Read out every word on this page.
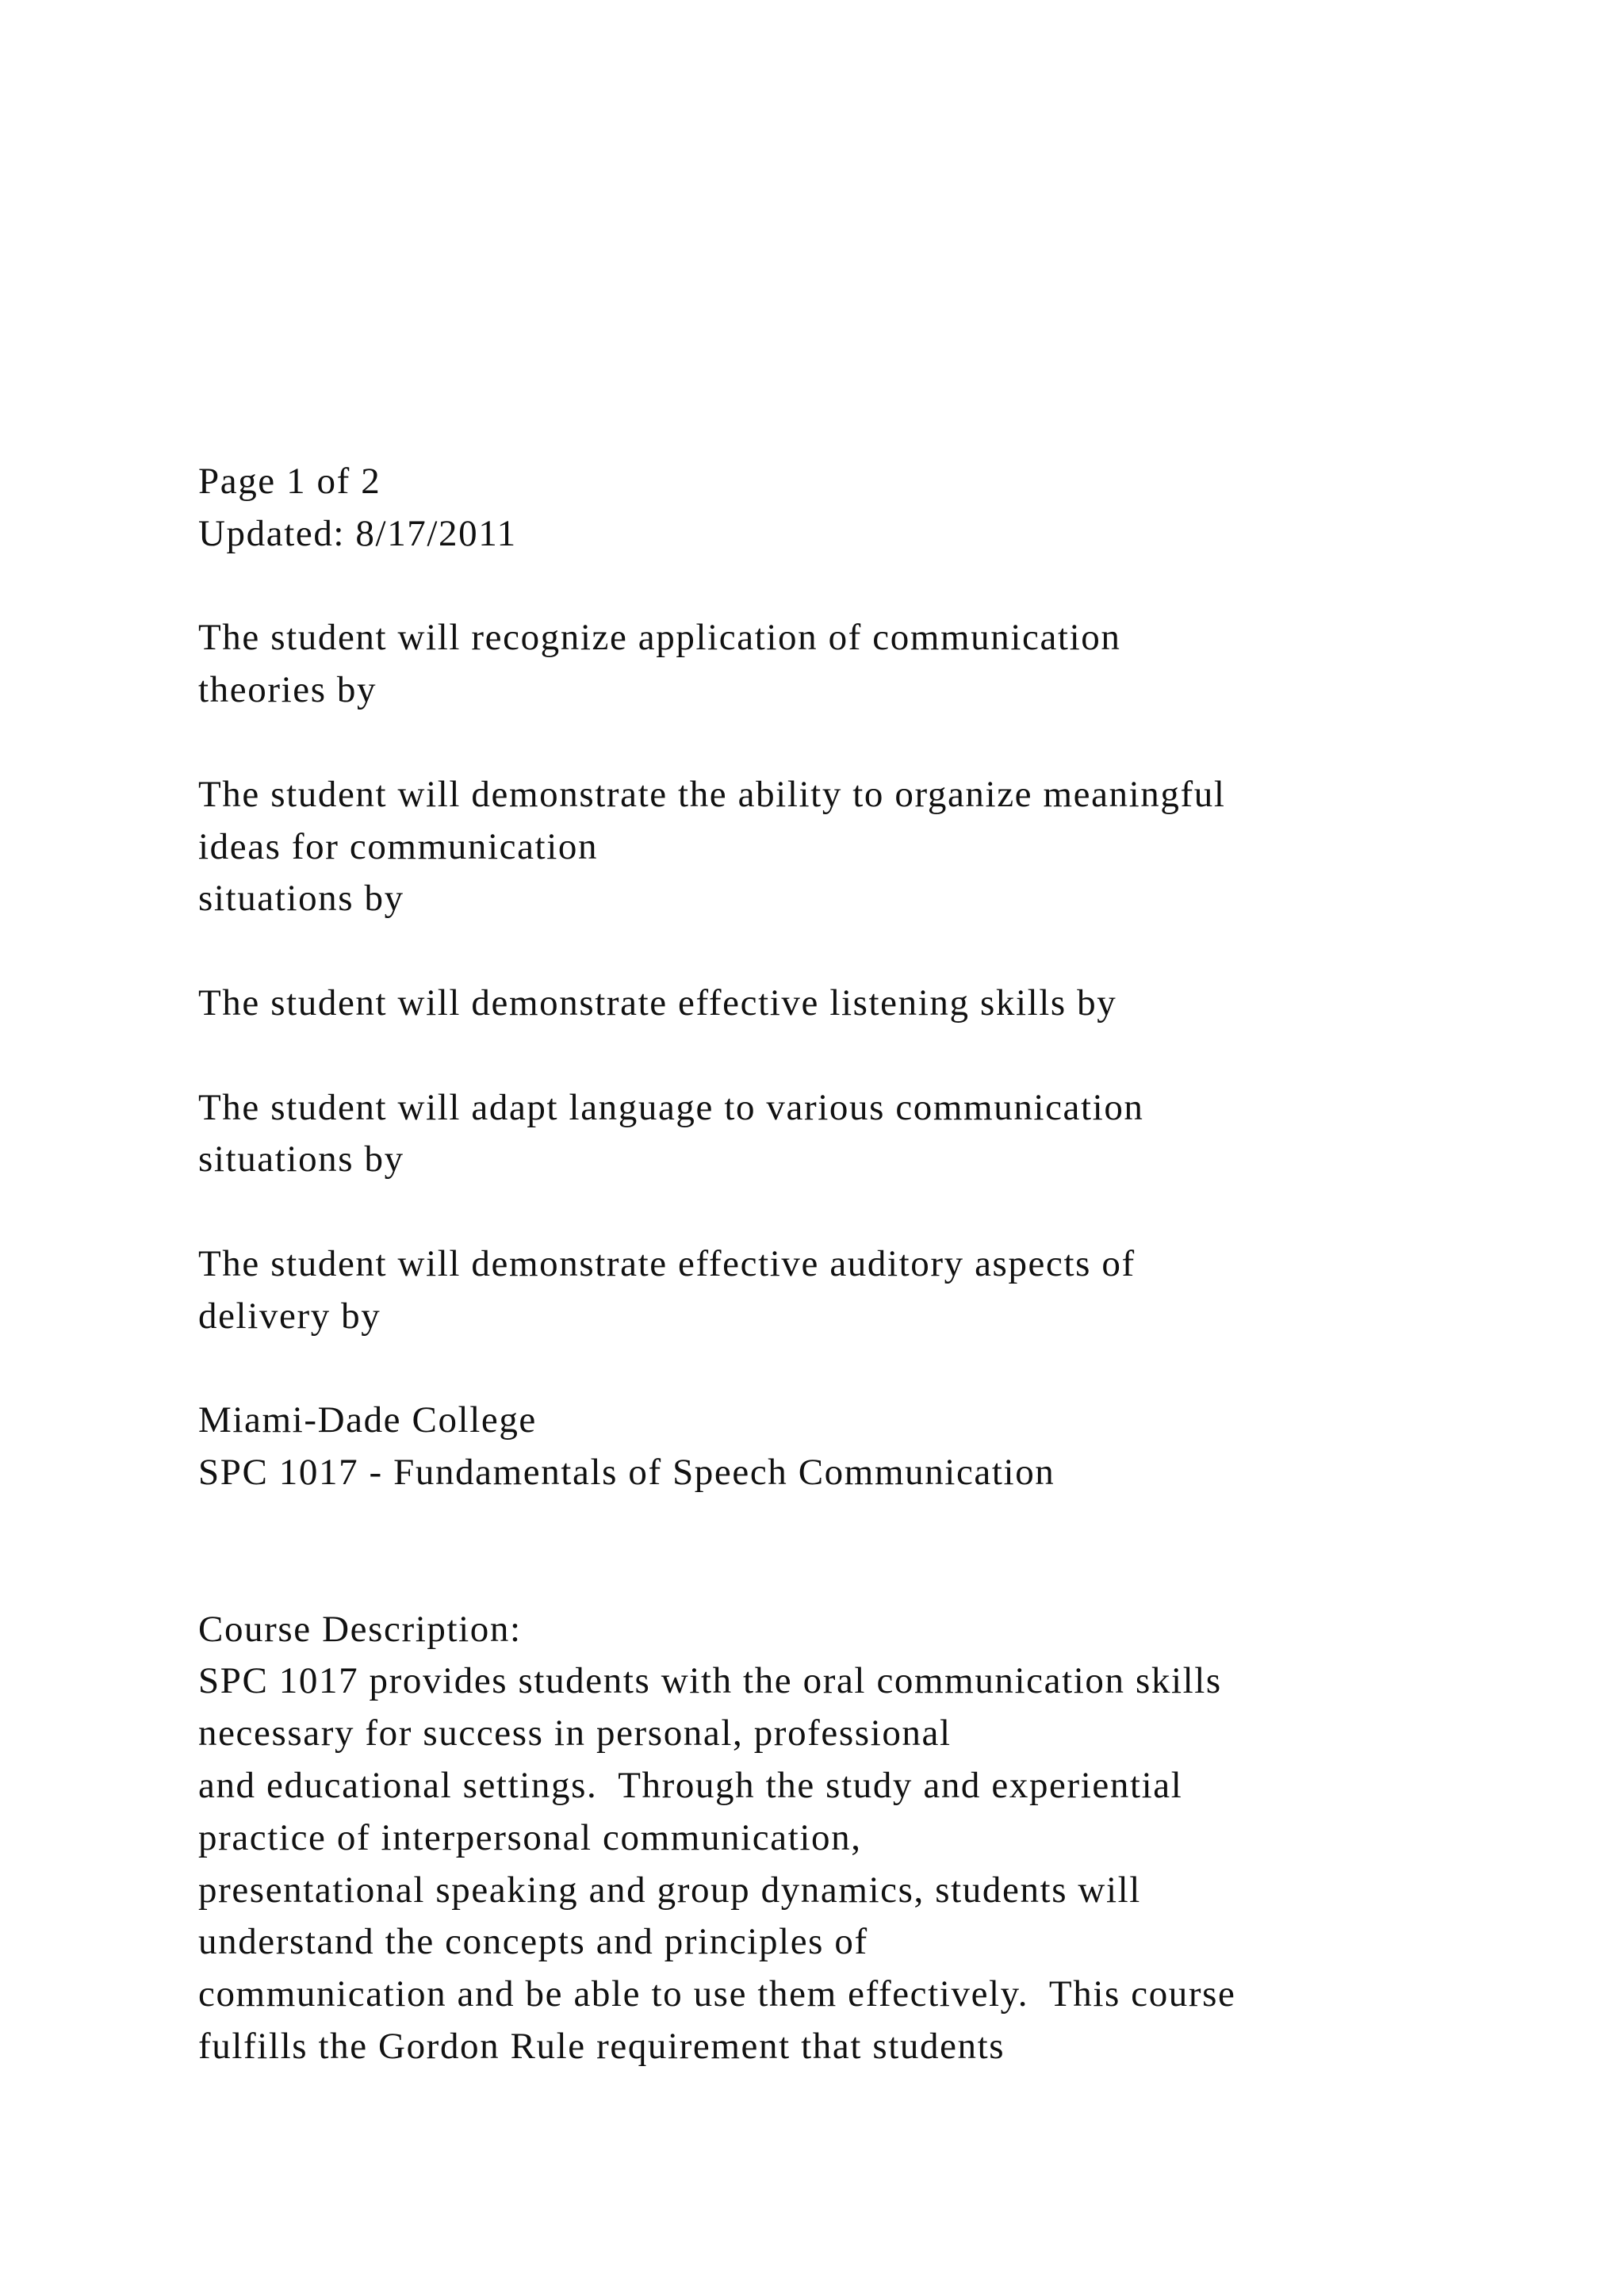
Page 1 of 2
Updated: 8/17/2011
The student will recognize application of communication
theories by
The student will demonstrate the ability to organize meaningful
ideas for communication
situations by
The student will demonstrate effective listening skills by
The student will adapt language to various communication
situations by
The student will demonstrate effective auditory aspects of
delivery by
Miami-Dade College
SPC 1017 - Fundamentals of Speech Communication
Course Description:
SPC 1017 provides students with the oral communication skills
necessary for success in personal, professional
and educational settings.  Through the study and experiential
practice of interpersonal communication,
presentational speaking and group dynamics, students will
understand the concepts and principles of
communication and be able to use them effectively.  This course
fulfills the Gordon Rule requirement that students
